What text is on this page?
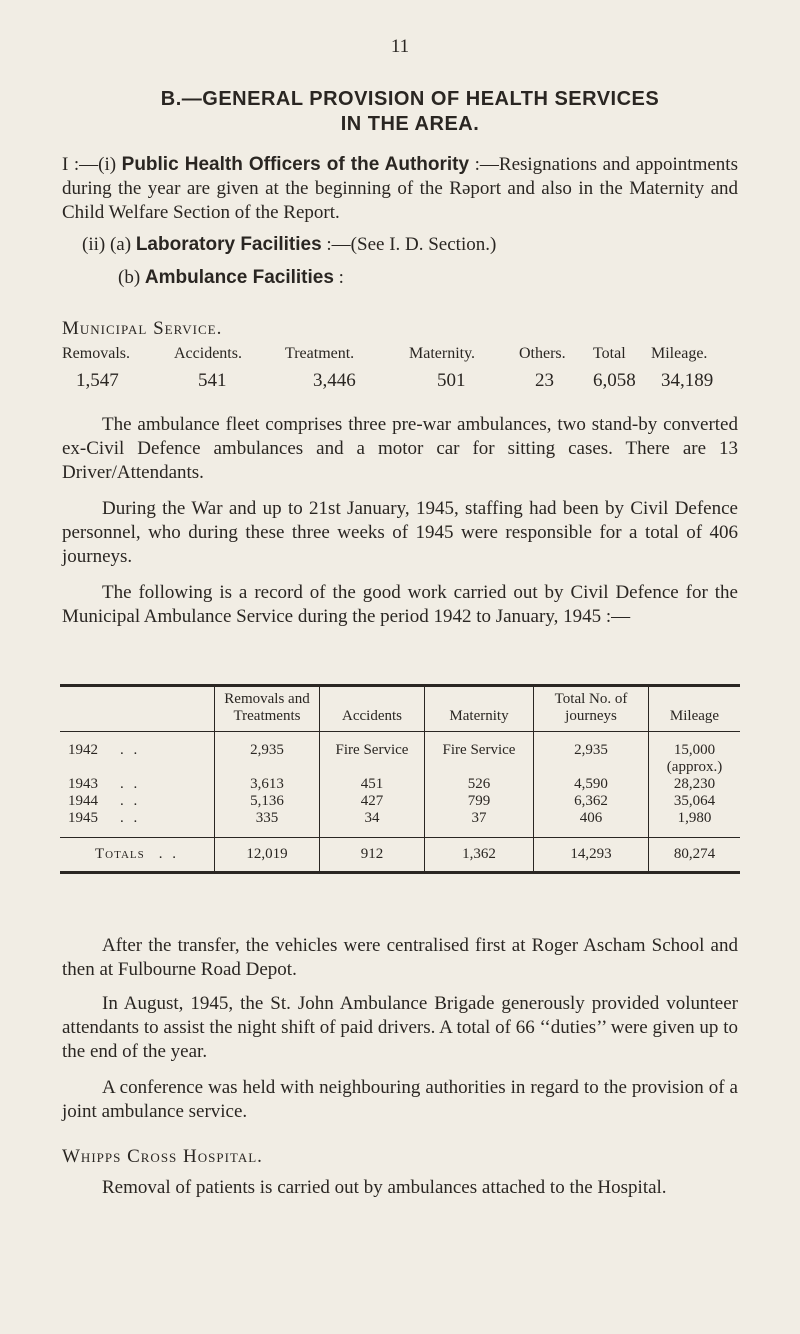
11
B.—GENERAL PROVISION OF HEALTH SERVICES
IN THE AREA.
I :—(i) Public Health Officers of the Authority :—Resignations and appointments during the year are given at the beginning of the Rəport and also in the Maternity and Child Welfare Section of the Report.
(ii) (a) Laboratory Facilities :—(See I. D. Section.)
(b) Ambulance Facilities :
Municipal Service.
Removals.	Accidents.	Treatment.	Maternity.	Others. Total Mileage.
1,547	541	3,446	501	23 6,058 34,189
The ambulance fleet comprises three pre-war ambulances, two stand-by converted ex-Civil Defence ambulances and a motor car for sitting cases. There are 13 Driver/Attendants.
During the War and up to 21st January, 1945, staffing had been by Civil Defence personnel, who during these three weeks of 1945 were responsible for a total of 406 journeys.
The following is a record of the good work carried out by Civil Defence for the Municipal Ambulance Service during the period 1942 to January, 1945 :—
	Removals and Treatments	Accidents	Maternity	Total No. of journeys	Mileage
1942 . .	2,935	Fire Service	Fire Service	2,935	15,000 (approx.)
1943 . .	3,613	451	526	4,590	28,230
1944 . .	5,136	427	799	6,362	35,064
1945 . .	335	34	37	406	1,980
Totals . .	12,019	912	1,362	14,293	80,274
After the transfer, the vehicles were centralised first at Roger Ascham School and then at Fulbourne Road Depot.
In August, 1945, the St. John Ambulance Brigade generously provided volunteer attendants to assist the night shift of paid drivers. A total of 66 ‘‘duties’’ were given up to the end of the year.
A conference was held with neighbouring authorities in regard to the provision of a joint ambulance service.
Whipps Cross Hospital.
Removal of patients is carried out by ambulances attached to the Hospital.
